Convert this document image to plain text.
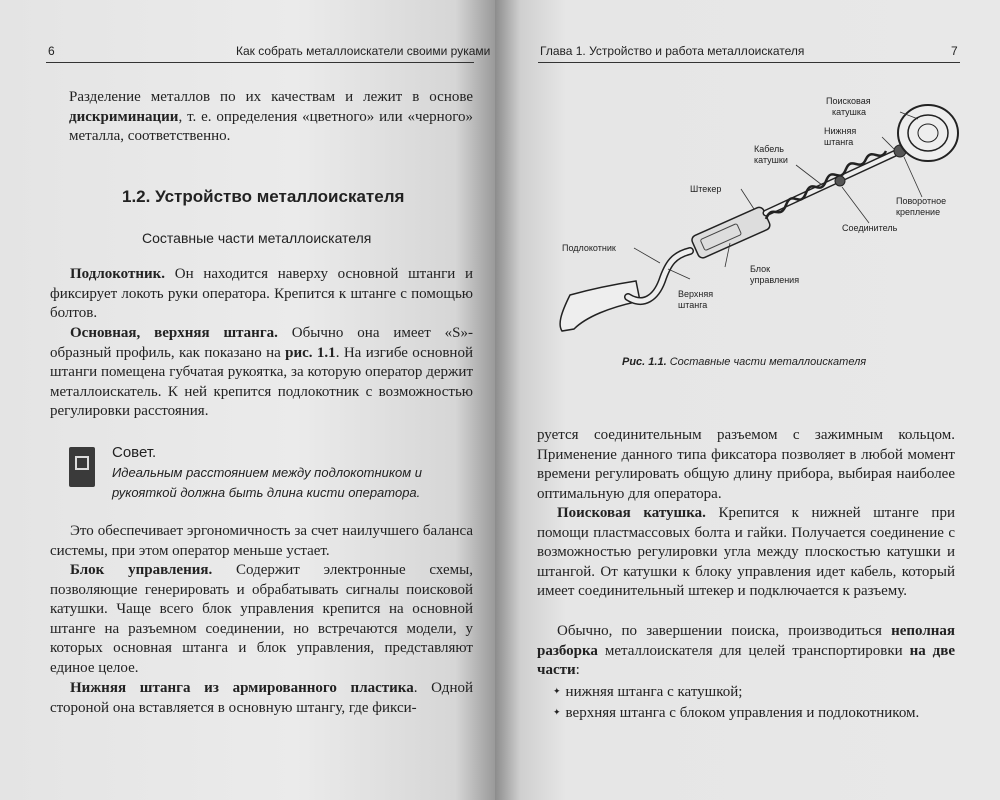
6	Как собрать металлоискатели своими руками

Разделение металлов по их качествам и лежит в основе дискриминации, т. е. определения «цветного» или «черного» металла, соответственно.

1.2. Устройство металлоискателя
Составные части металлоискателя

Подлокотник. Он находится наверху основной штанги и фиксирует локоть руки оператора. Крепится к штанге с помощью болтов.

Основная, верхняя штанга. Обычно она имеет «S»-образный профиль, как показано на рис. 1.1. На изгибе основной штанги помещена губчатая рукоятка, за которую оператор держит металлоискатель. К ней крепится подлокотник с возможностью регулировки расстояния.

Совет.

Идеальным расстоянием между подлокотником и рукояткой должна быть длина кисти оператора.

Это обеспечивает эргономичность за счет наилучшего баланса системы, при этом оператор меньше устает.

Блок управления. Содержит электронные схемы, позволяющие генерировать и обрабатывать сигналы поисковой катушки. Чаще всего блок управления крепится на основной штанге на разъемном соединении, но встречаются модели, у которых основная штанга и блок управления, представляют единое целое.

Нижняя штанга из армированного пластика. Одной стороной она вставляется в основную штангу, где фикси-

Глава 1. Устройство и работа металлоискателя	7
Поисковая
катушка
Нижняя
штанга
Кабель
катушки
Штекер
Поворотное
крепление
Соединитель
Подлокотник
Блок
управления
Верхняя
штанга
Рис. 1.1. Составные части металлоискателя

руется соединительным разъемом с зажимным кольцом. Применение данного типа фиксатора позволяет в любой момент времени регулировать общую длину прибора, выбирая наиболее оптимальную для оператора.

Поисковая катушка. Крепится к нижней штанге при помощи пластмассовых болта и гайки. Получается соединение с возможностью регулировки угла между плоскостью катушки и штангой. От катушки к блоку управления идет кабель, который имеет соединительный штекер и подключается к разъему.

Обычно, по завершении поиска, производиться неполная разборка металлоискателя для целей транспортировки на две части:

✦ нижняя штанга с катушкой;
✦ верхняя штанга с блоком управления и подлокотником.
